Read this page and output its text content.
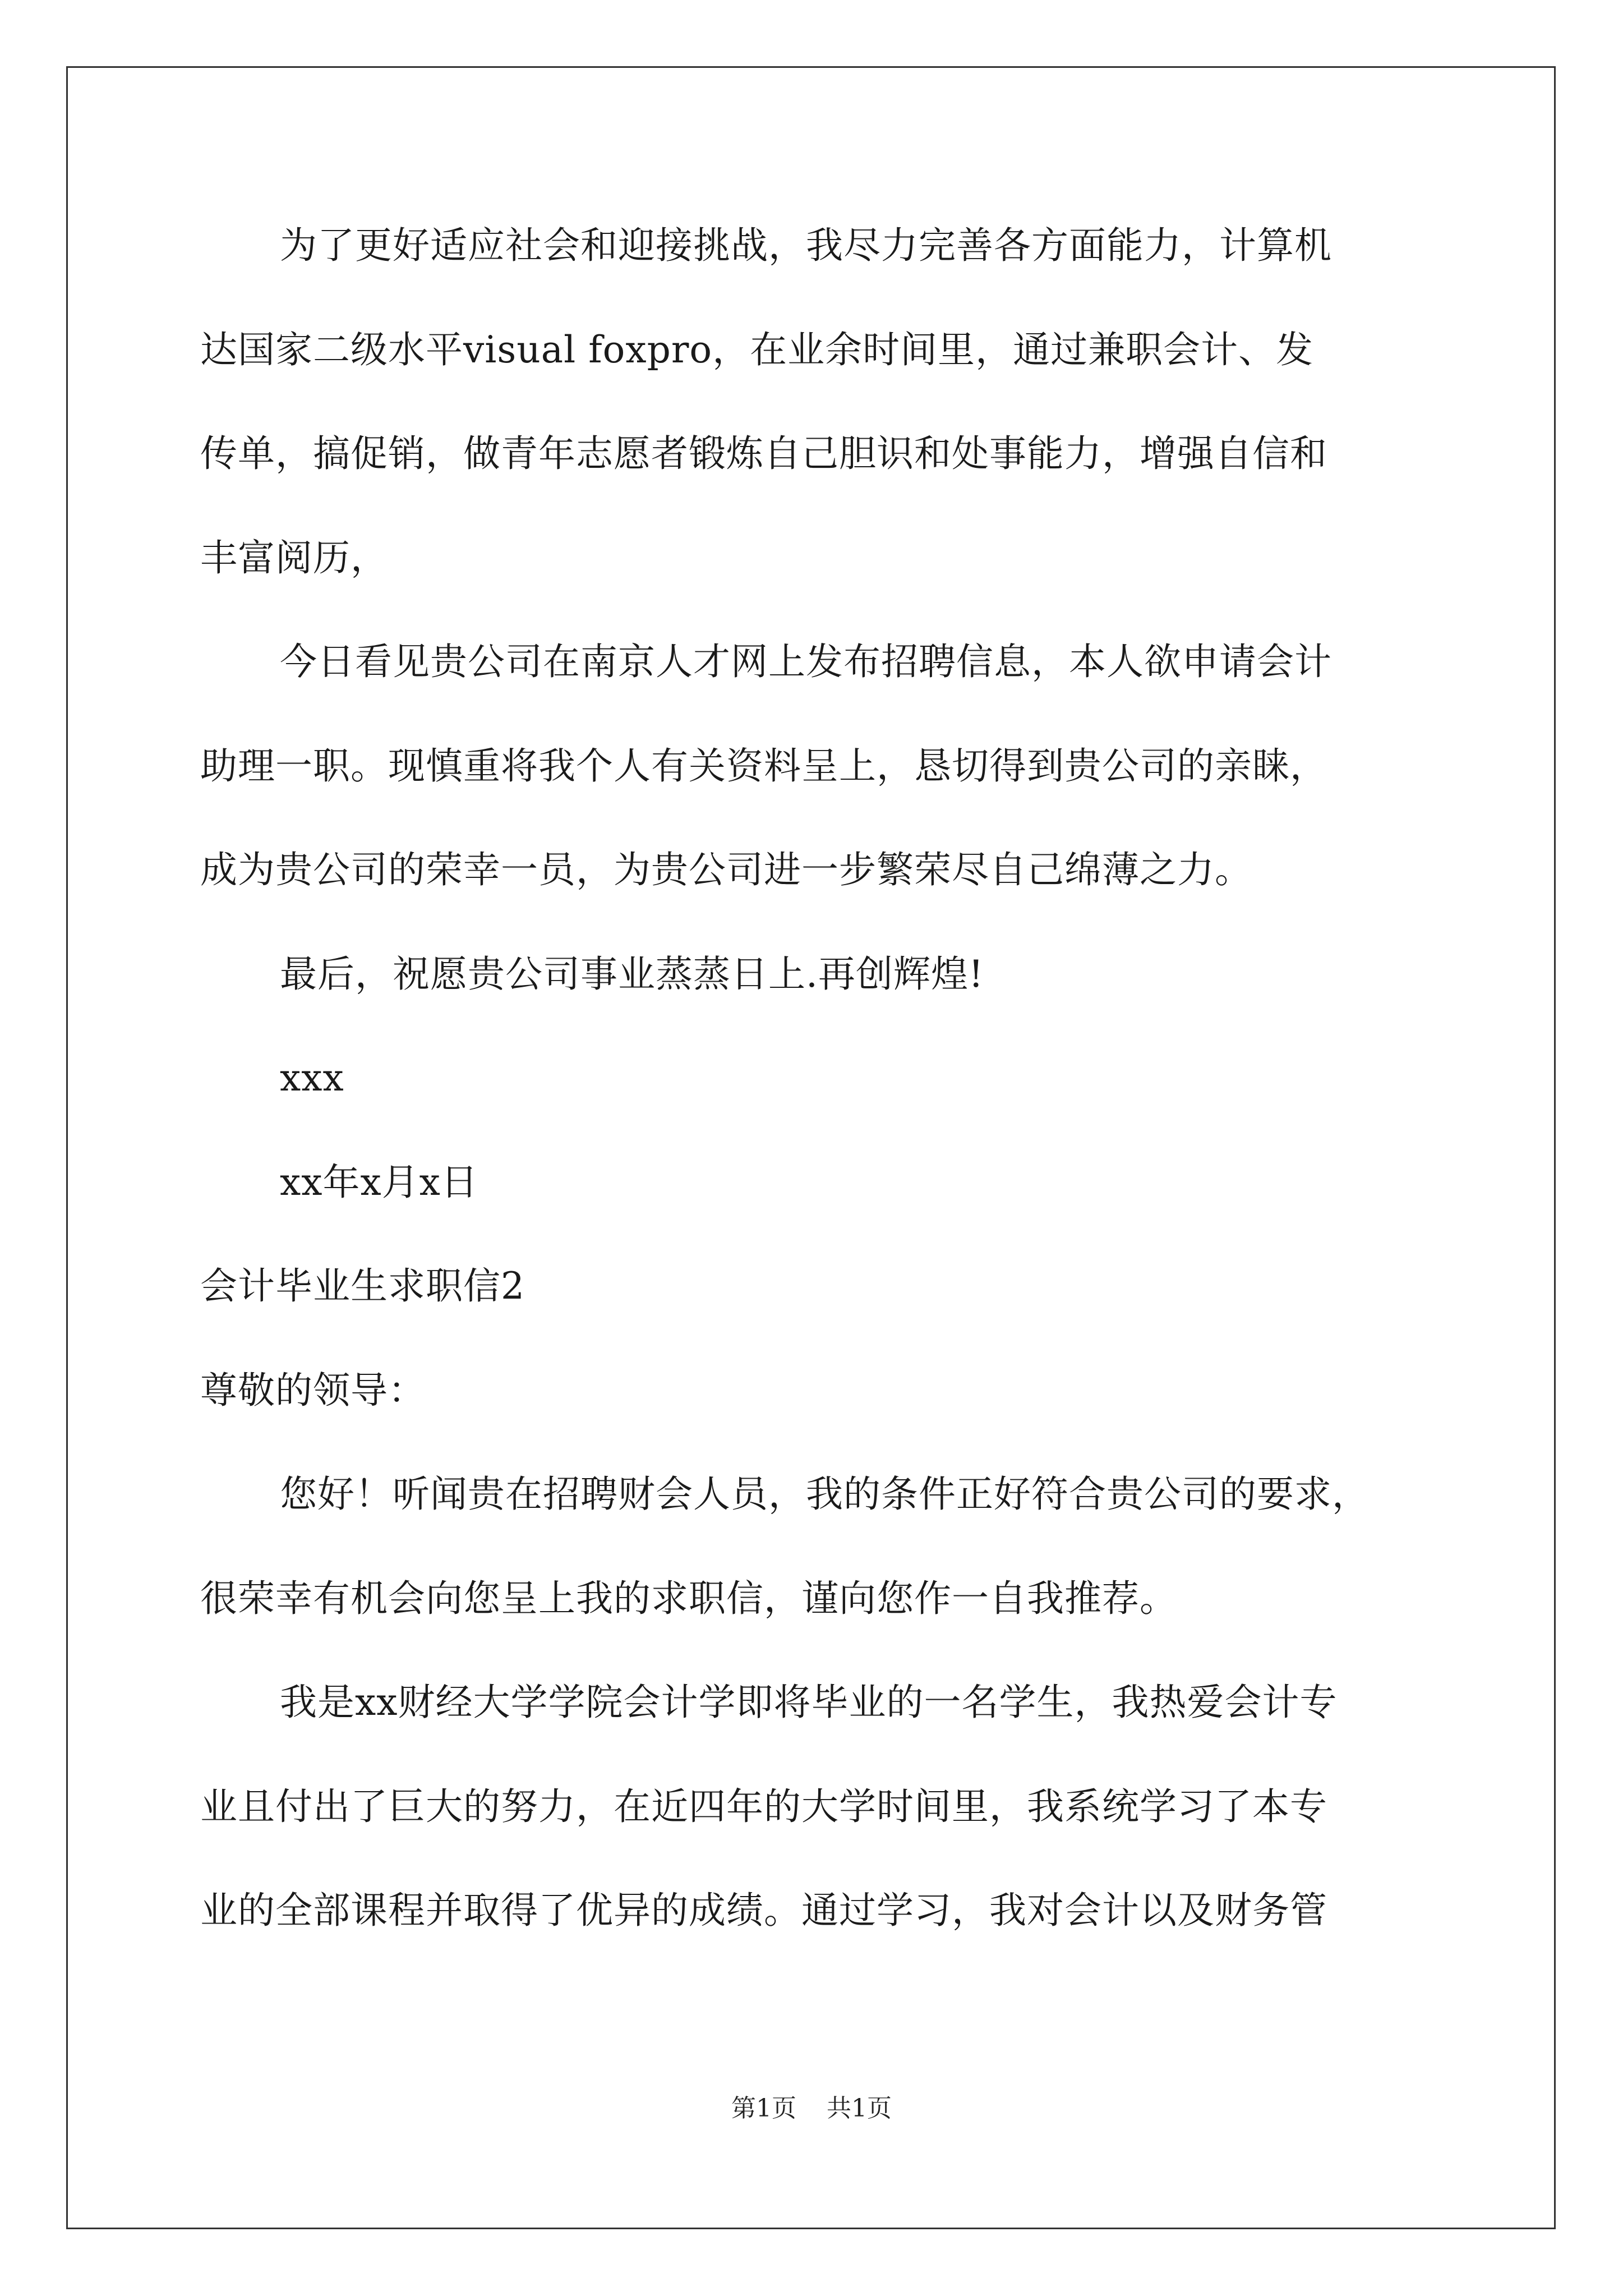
为了更好适应社会和迎接挑战，我尽力完善各方面能力，计算机
达国家二级水平visual foxpro，在业余时间里，通过兼职会计、发
传单，搞促销，做青年志愿者锻炼自己胆识和处事能力，增强自信和
丰富阅历，
今日看见贵公司在南京人才网上发布招聘信息，本人欲申请会计
助理一职。现慎重将我个人有关资料呈上，恳切得到贵公司的亲睐，
成为贵公司的荣幸一员，为贵公司进一步繁荣尽自己绵薄之力。
最后，祝愿贵公司事业蒸蒸日上.再创辉煌!
xxx
xx年x月x日
会计毕业生求职信2
尊敬的领导：
您好！听闻贵在招聘财会人员，我的条件正好符合贵公司的要求，
很荣幸有机会向您呈上我的求职信，谨向您作一自我推荐。
我是xx财经大学学院会计学即将毕业的一名学生，我热爱会计专
业且付出了巨大的努力，在近四年的大学时间里，我系统学习了本专
业的全部课程并取得了优异的成绩。通过学习，我对会计以及财务管
第1页 共1页
